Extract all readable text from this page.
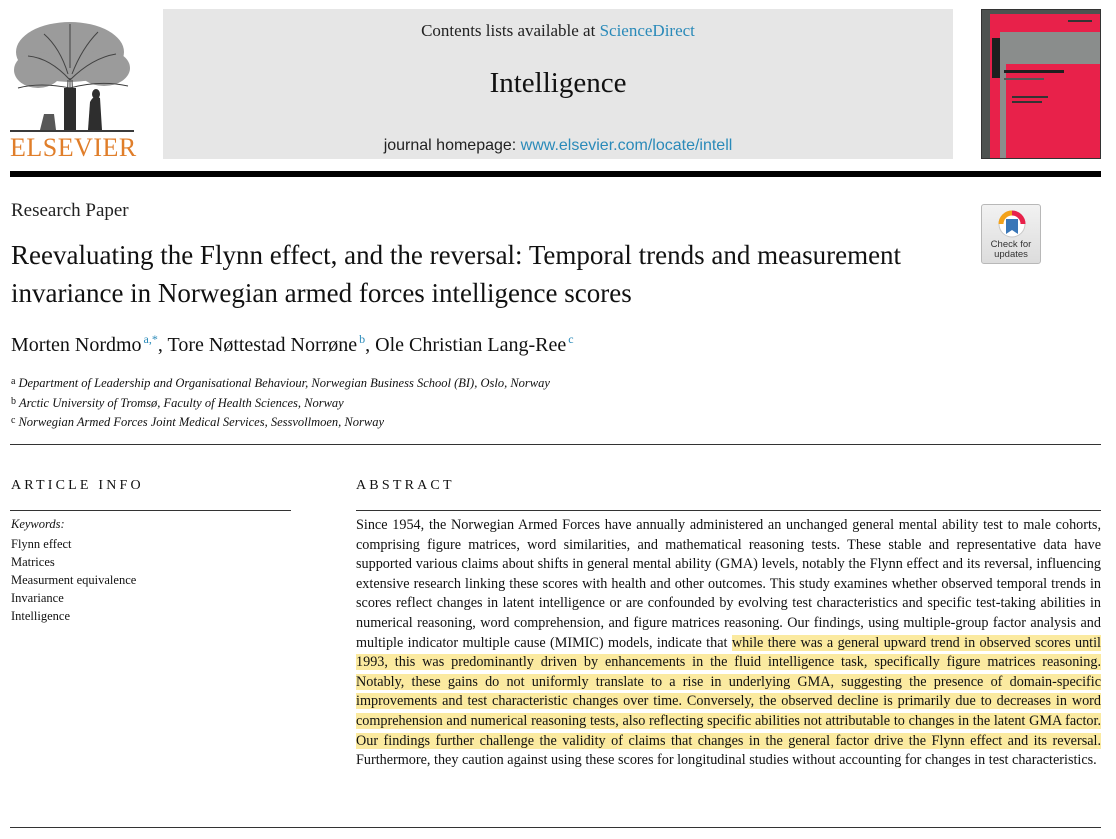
ELSEVIER
Contents lists available at ScienceDirect
Intelligence
journal homepage: www.elsevier.com/locate/intell
Research Paper
Reevaluating the Flynn effect, and the reversal: Temporal trends and measurement invariance in Norwegian armed forces intelligence scores
Check for updates
Morten Nordmo $^{a,*}$, Tore Nøttestad Norrøne $^b$, Ole Christian Lang-Ree $^c$
$^a$ Department of Leadership and Organisational Behaviour, Norwegian Business School (BI), Oslo, Norway
$^b$ Arctic University of Tromsø, Faculty of Health Sciences, Norway
$^c$ Norwegian Armed Forces Joint Medical Services, Sessvollmoen, Norway
ARTICLE INFO
Keywords:
Flynn effect
Matrices
Measurment equivalence
Invariance
Intelligence
ABSTRACT

Since 1954, the Norwegian Armed Forces have annually administered an unchanged general mental ability test to male cohorts, comprising figure matrices, word similarities, and mathematical reasoning tests. These stable and representative data have supported various claims about shifts in general mental ability (GMA) levels, notably the Flynn effect and its reversal, influencing extensive research linking these scores with health and other outcomes. This study examines whether observed temporal trends in scores reflect changes in latent intelligence or are confounded by evolving test characteristics and specific test-taking abilities in numerical reasoning, word comprehension, and figure matrices reasoning. Our findings, using multiple-group factor analysis and multiple indicator multiple cause (MIMIC) models, indicate that while there was a general upward trend in observed scores until 1993, this was predominantly driven by enhancements in the fluid intelligence task, specifically figure matrices reasoning. Notably, these gains do not uniformly translate to a rise in underlying GMA, suggesting the presence of domain-specific improvements and test characteristic changes over time. Conversely, the observed decline is primarily due to decreases in word comprehension and numerical reasoning tests, also reflecting specific abilities not attributable to changes in the latent GMA factor. Our findings further challenge the validity of claims that changes in the general factor drive the Flynn effect and its reversal. Furthermore, they caution against using these scores for longitudinal studies without accounting for changes in test characteristics.
